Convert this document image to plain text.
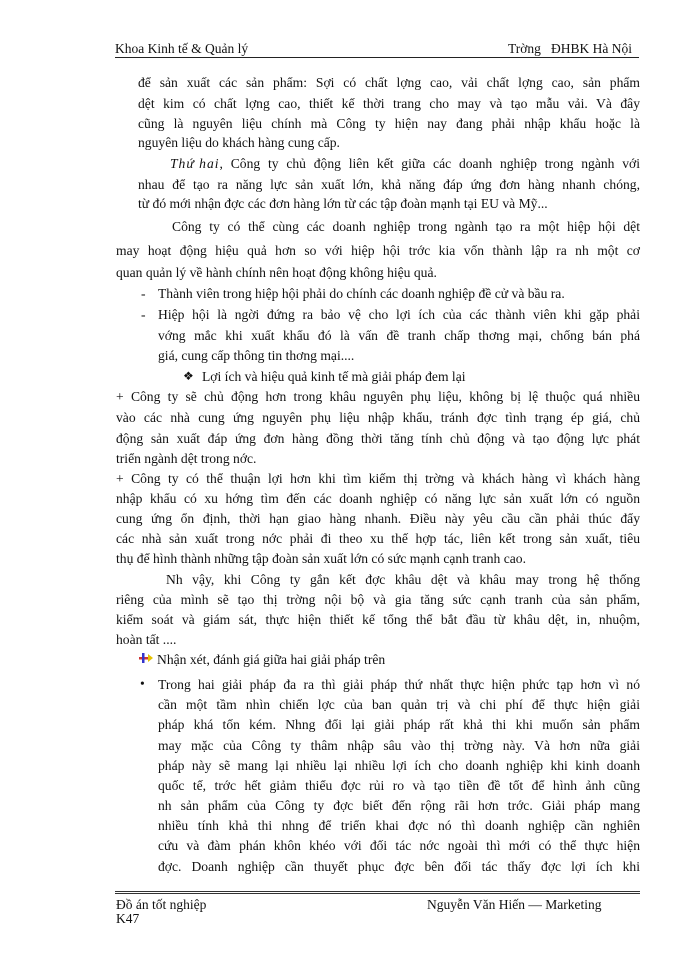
Khoa Kinh tế & Quản lý	Trờng   ĐHBK Hà Nội
để sản xuất các sản phẩm: Sợi có chất lợng cao, vải chất lợng cao, sản phẩm
dệt kim có chất lợng cao, thiết kế thời trang cho may và tạo mẫu vải. Và đây
cũng là nguyên liệu chính mà Công ty hiện nay đang phải nhập khẩu hoặc là
nguyên liệu do khách hàng cung cấp.
Thứ hai , Công ty chủ động liên kết giữa các doanh nghiệp trong ngành với
nhau để tạo ra năng lực sản xuất lớn, khả năng đáp ứng đơn hàng nhanh chóng,
từ đó mới nhận đợc các đơn hàng lớn từ các tập đoàn mạnh tại EU và Mỹ...
Công ty có thể cùng các doanh nghiệp trong ngành tạo ra một hiệp hội dệt
may hoạt động hiệu quả hơn so với hiệp hội trớc kia vốn thành lập ra nh một cơ
quan quản lý về hành chính nên hoạt động không hiệu quả.
- Thành viên trong hiệp hội phải do chính các doanh nghiệp đề cử và bầu ra.
- Hiệp hội là ngời đứng ra bảo vệ cho lợi ích của các thành viên khi gặp phải
vớng mắc khi xuất khẩu đó là vấn đề tranh chấp thơng mại, chống bán phá
giá, cung cấp thông tin thơng mại....
❖ Lợi ích và hiệu quả kinh tế mà giải pháp đem lại
+ Công ty sẽ chủ động hơn trong khâu nguyên phụ liệu, không bị lệ thuộc quá nhiều
vào các nhà cung ứng nguyên phụ liệu nhập khẩu, tránh đợc tình trạng ép giá, chủ
động sản xuất đáp ứng đơn hàng đồng thời tăng tính chủ động và tạo động lực phát
triển ngành dệt trong nớc.
+ Công ty có thể thuận lợi hơn khi tìm kiếm thị trờng và khách hàng vì khách hàng
nhập khẩu có xu hớng tìm đến các doanh nghiệp có năng lực sản xuất lớn có nguồn
cung ứng ổn định, thời hạn giao hàng nhanh. Điều này yêu cầu cần phải thúc đẩy
các nhà sản xuất trong nớc phải đi theo xu thế hợp tác, liên kết trong sản xuất, tiêu
thụ để hình thành những tập đoàn sản xuất lớn có sức mạnh cạnh tranh cao.
Nh vậy, khi Công ty gắn kết đợc khâu dệt và khâu may trong hệ thống
riêng của mình sẽ tạo thị trờng nội bộ và gia tăng sức cạnh tranh của sản phẩm,
kiểm soát và giám sát, thực hiện thiết kế tổng thể bắt đầu từ khâu dệt, in, nhuộm,
hoàn tất ....
Nhận xét, đánh giá giữa hai giải pháp trên
• Trong hai giải pháp đa ra thì giải pháp thứ nhất thực hiện phức tạp hơn vì nó
cần một tầm nhìn chiến lợc của ban quản trị và chi phí để thực hiện giải
pháp khá tốn kém. Nhng đổi lại giải pháp rất khả thi khi muốn sản phẩm
may mặc của Công ty thâm nhập sâu vào thị trờng này. Và hơn nữa giải
pháp này sẽ mang lại nhiều lại nhiều lợi ích cho doanh nghiệp khi kinh doanh
quốc tế, trớc hết giảm thiểu đợc rủi ro và tạo tiền đề tốt để hình ảnh cũng
nh sản phẩm của Công ty đợc biết đến rộng rãi hơn trớc. Giải pháp mang
nhiều tính khả thi nhng để triển khai đợc nó thì doanh nghiệp cần nghiên
cứu và đàm phán khôn khéo với đối tác nớc ngoài thì mới có thể thực hiện
đợc. Doanh nghiệp cần thuyết phục đợc bên đối tác thấy đợc lợi ích khi
Đồ án tốt nghiệp
K47
Nguyễn Văn Hiến — Marketing
